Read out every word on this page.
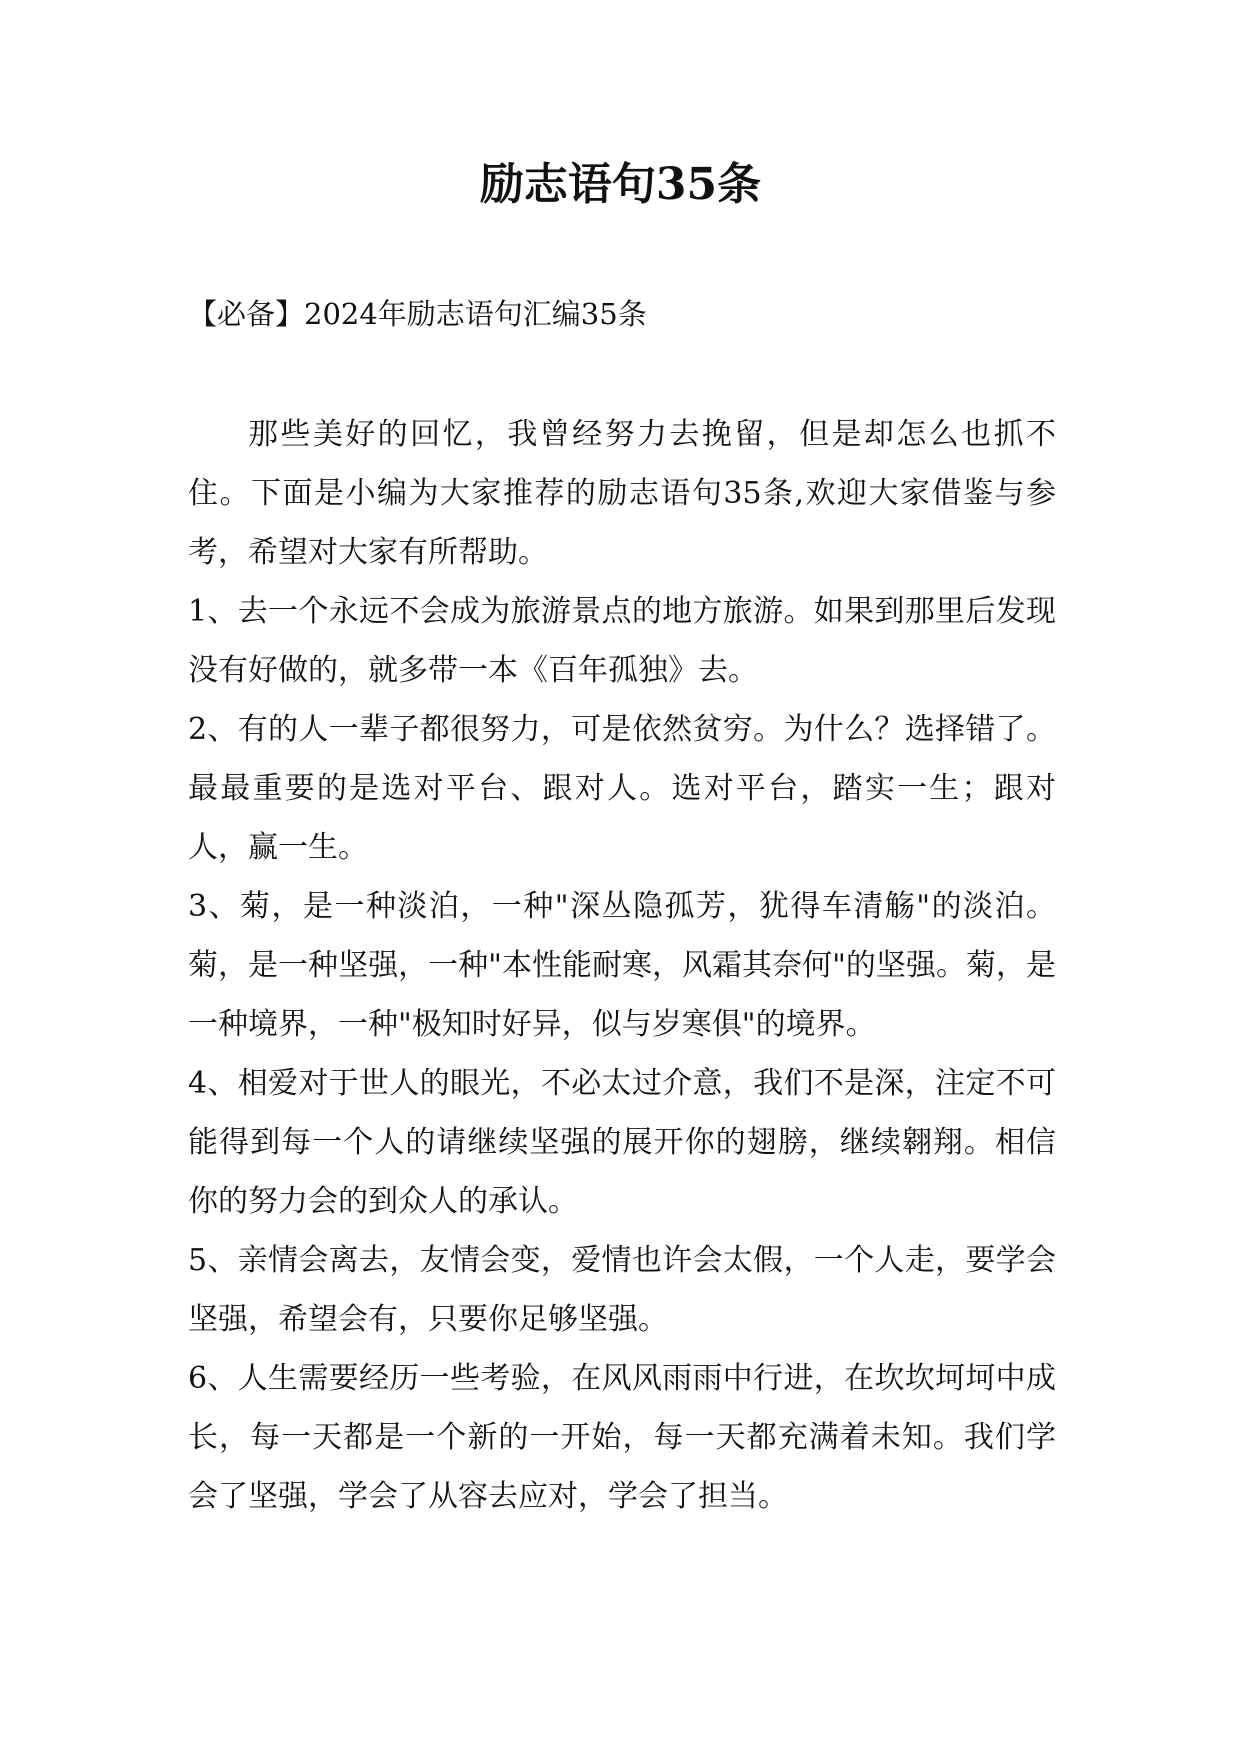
励志语句35条

【必备】2024年励志语句汇编35条

那些美好的回忆，我曾经努力去挽留，但是却怎么也抓不住。下面是小编为大家推荐的励志语句35条,欢迎大家借鉴与参考，希望对大家有所帮助。

1、去一个永远不会成为旅游景点的地方旅游。如果到那里后发现没有好做的，就多带一本《百年孤独》去。

2、有的人一辈子都很努力，可是依然贫穷。为什么？选择错了。最最重要的是选对平台、跟对人。选对平台，踏实一生；跟对人，赢一生。

3、菊，是一种淡泊，一种"深丛隐孤芳，犹得车清觞"的淡泊。菊，是一种坚强，一种"本性能耐寒，风霜其奈何"的坚强。菊，是一种境界，一种"极知时好异，似与岁寒俱"的境界。

4、相爱对于世人的眼光，不必太过介意，我们不是深，注定不可能得到每一个人的请继续坚强的展开你的翅膀，继续翱翔。相信你的努力会的到众人的承认。

5、亲情会离去，友情会变，爱情也许会太假，一个人走，要学会坚强，希望会有，只要你足够坚强。

6、人生需要经历一些考验，在风风雨雨中行进，在坎坎坷坷中成长，每一天都是一个新的一开始，每一天都充满着未知。我们学会了坚强，学会了从容去应对，学会了担当。
